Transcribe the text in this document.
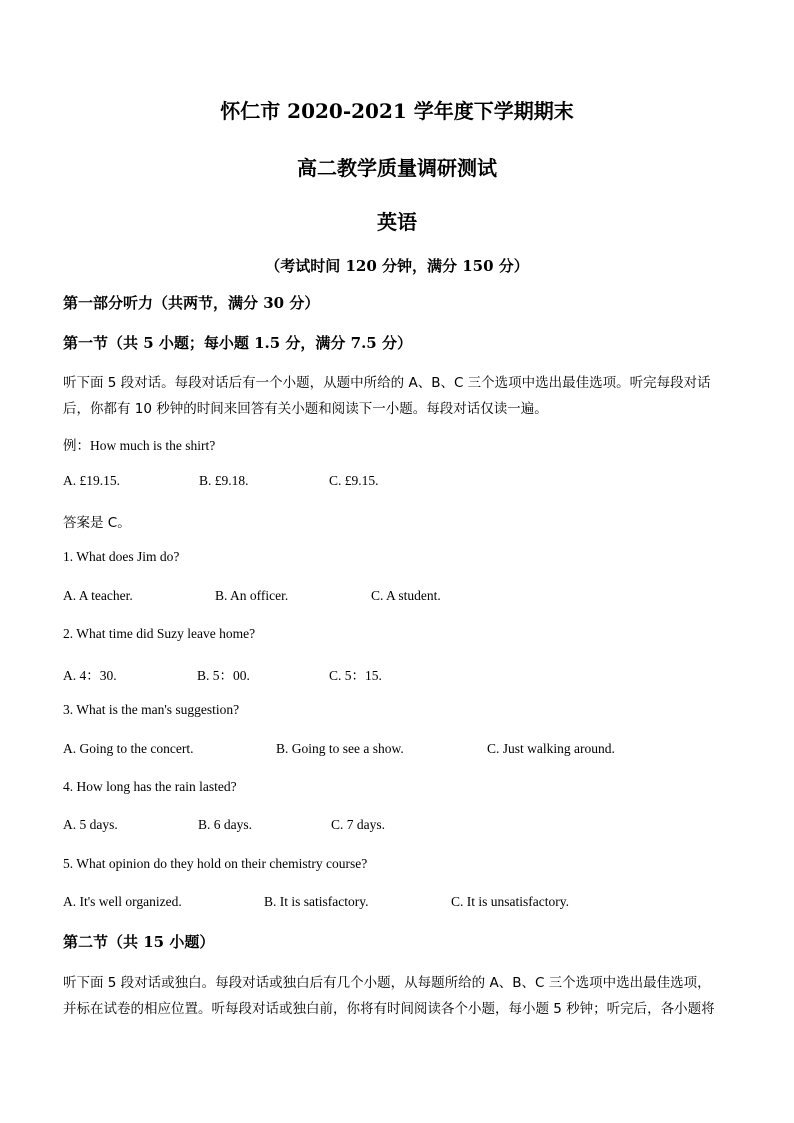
怀仁市 2020-2021 学年度下学期期末
高二教学质量调研测试
英语
（考试时间 120 分钟，满分 150 分）
第一部分听力（共两节，满分 30 分）
第一节（共 5 小题；每小题 1.5 分，满分 7.5 分）
听下面 5 段对话。每段对话后有一个小题，从题中所给的 A、B、C 三个选项中选出最佳选项。听完每段对话
后，你都有 10 秒钟的时间来回答有关小题和阅读下一小题。每段对话仅读一遍。
例：How much is the shirt?
A. £19.15.	B. £9.18.	C. £9.15.
答案是 C。
1. What does Jim do?
A. A teacher.	B. An officer.	C. A student.
2. What time did Suzy leave home?
A. 4：30.	B. 5：00.	C. 5：15.
3. What is the man's suggestion?
A. Going to the concert.	B. Going to see a show.	C. Just walking around.
4. How long has the rain lasted?
A. 5 days.	B. 6 days.	C. 7 days.
5. What opinion do they hold on their chemistry course?
A. It's well organized.	B. It is satisfactory.	C. It is unsatisfactory.
第二节（共 15 小题）
听下面 5 段对话或独白。每段对话或独白后有几个小题，从每题所给的 A、B、C 三个选项中选出最佳选项，
并标在试卷的相应位置。听每段对话或独白前，你将有时间阅读各个小题，每小题 5 秒钟；听完后，各小题将
